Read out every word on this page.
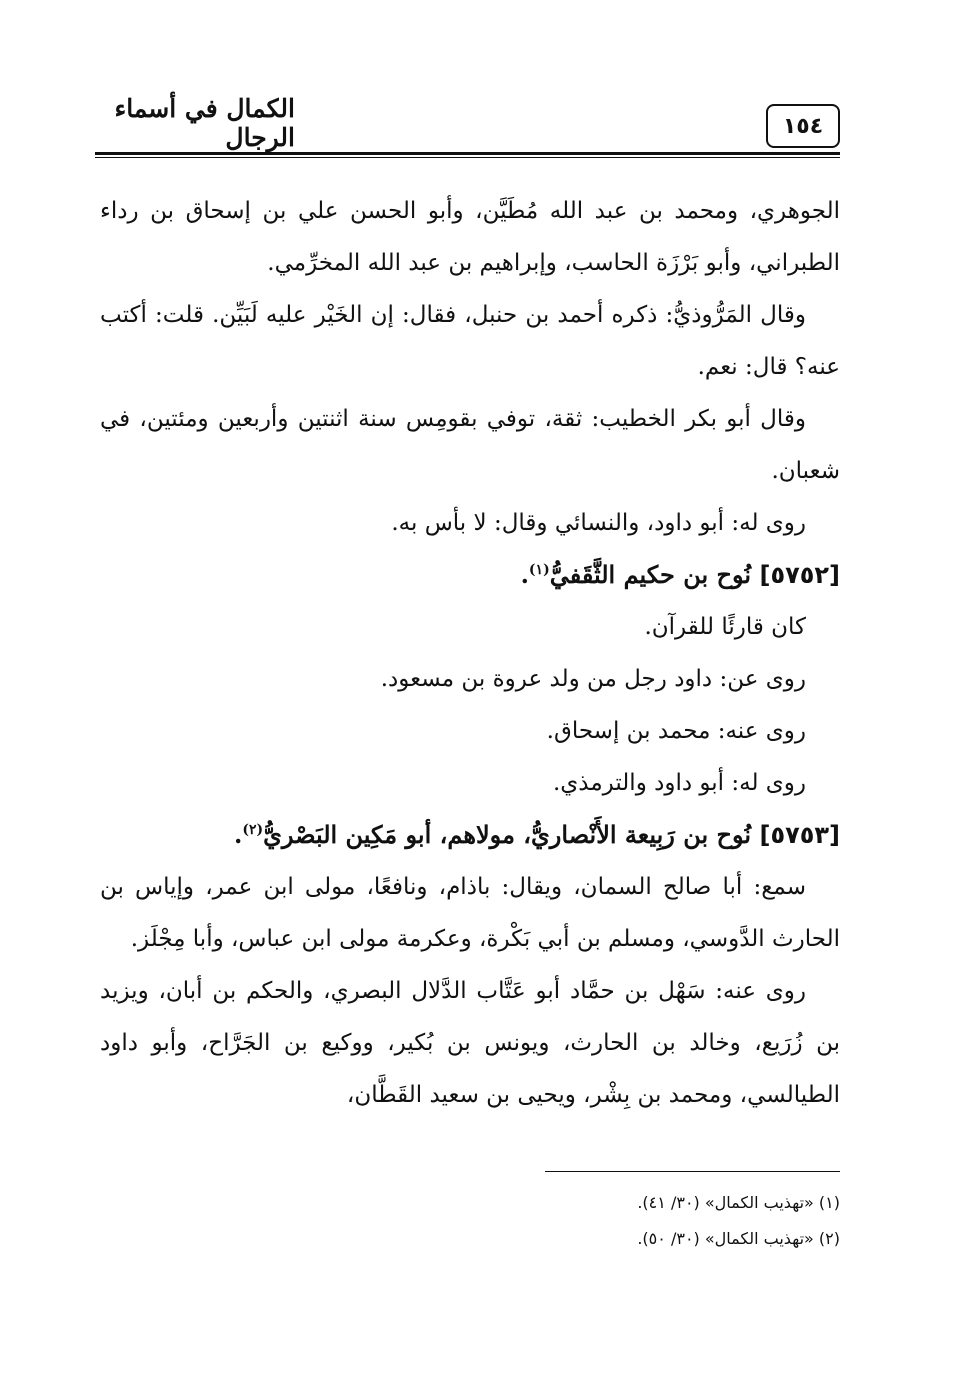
١٥٤
الكمال في أسماء الرجال

الجوهري، ومحمد بن عبد الله مُطَيَّن، وأبو الحسن علي بن إسحاق بن رداء الطبراني، وأبو بَرْزَة الحاسب، وإبراهيم بن عبد الله المخرِّمي.

وقال المَرُّوذيُّ: ذكره أحمد بن حنبل، فقال: إن الخَيْر عليه لَبَيِّن. قلت: أكتب عنه؟ قال: نعم.

وقال أبو بكر الخطيب: ثقة، توفي بقومِس سنة اثنتين وأربعين ومئتين، في شعبان.

روى له: أبو داود، والنسائي وقال: لا بأس به.

[٥٧٥٢] نُوح بن حكيم الثَّقَفيُّ$^{(١)}$.

كان قارئًا للقرآن.

روى عن: داود رجل من ولد عروة بن مسعود.

روى عنه: محمد بن إسحاق.

روى له: أبو داود والترمذي.

[٥٧٥٣] نُوح بن رَبِيعة الأَنْصاريُّ، مولاهم، أبو مَكِين البَصْريُّ$^{(٢)}$.

سمع: أبا صالح السمان، ويقال: باذام، ونافعًا، مولى ابن عمر، وإياس بن الحارث الدَّوسي، ومسلم بن أبي بَكْرة، وعكرمة مولى ابن عباس، وأبا مِجْلَز.

روى عنه: سَهْل بن حمَّاد أبو عَتَّاب الدَّلال البصري، والحكم بن أبان، ويزيد بن زُرَيع، وخالد بن الحارث، ويونس بن بُكير، ووكيع بن الجَرَّاح، وأبو داود الطيالسي، ومحمد بن بِشْر، ويحيى بن سعيد القَطَّان،

(١) «تهذيب الكمال» (٣٠/ ٤١).

(٢) «تهذيب الكمال» (٣٠/ ٥٠).
